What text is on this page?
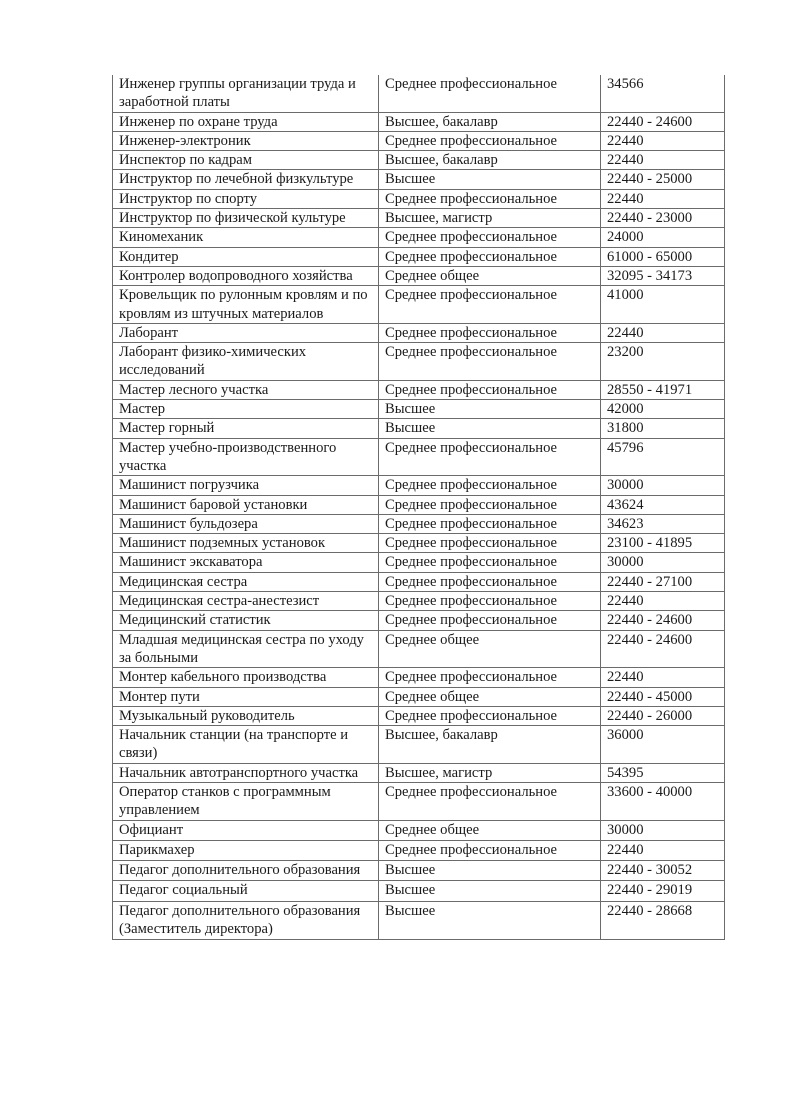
Инженер группы организации труда и заработной платы	Среднее профессиональное	34566
Инженер по охране труда	Высшее, бакалавр	22440 - 24600
Инженер-электроник	Среднее профессиональное	22440
Инспектор по кадрам	Высшее, бакалавр	22440
Инструктор по лечебной физкультуре	Высшее	22440 - 25000
Инструктор по спорту	Среднее профессиональное	22440
Инструктор по физической культуре	Высшее, магистр	22440 - 23000
Киномеханик	Среднее профессиональное	24000
Кондитер	Среднее профессиональное	61000 - 65000
Контролер водопроводного хозяйства	Среднее общее	32095 - 34173
Кровельщик по рулонным кровлям и по кровлям из штучных материалов	Среднее профессиональное	41000
Лаборант	Среднее профессиональное	22440
Лаборант физико-химических исследований	Среднее профессиональное	23200
Мастер лесного участка	Среднее профессиональное	28550 - 41971
Мастер	Высшее	42000
Мастер горный	Высшее	31800
Мастер учебно-производственного участка	Среднее профессиональное	45796
Машинист погрузчика	Среднее профессиональное	30000
Машинист баровой установки	Среднее профессиональное	43624
Машинист бульдозера	Среднее профессиональное	34623
Машинист подземных установок	Среднее профессиональное	23100 - 41895
Машинист экскаватора	Среднее профессиональное	30000
Медицинская сестра	Среднее профессиональное	22440 - 27100
Медицинская сестра-анестезист	Среднее профессиональное	22440
Медицинский статистик	Среднее профессиональное	22440 - 24600
Младшая медицинская сестра по уходу за больными	Среднее общее	22440 - 24600
Монтер кабельного производства	Среднее профессиональное	22440
Монтер пути	Среднее общее	22440 - 45000
Музыкальный руководитель	Среднее профессиональное	22440 - 26000
Начальник станции (на транспорте и связи)	Высшее, бакалавр	36000
Начальник автотранспортного участка	Высшее, магистр	54395
Оператор станков с программным управлением	Среднее профессиональное	33600 - 40000
Официант	Среднее общее	30000
Парикмахер	Среднее профессиональное	22440
Педагог дополнительного образования	Высшее	22440 - 30052
Педагог социальный	Высшее	22440 - 29019
Педагог дополнительного образования (Заместитель директора)	Высшее	22440 - 28668
